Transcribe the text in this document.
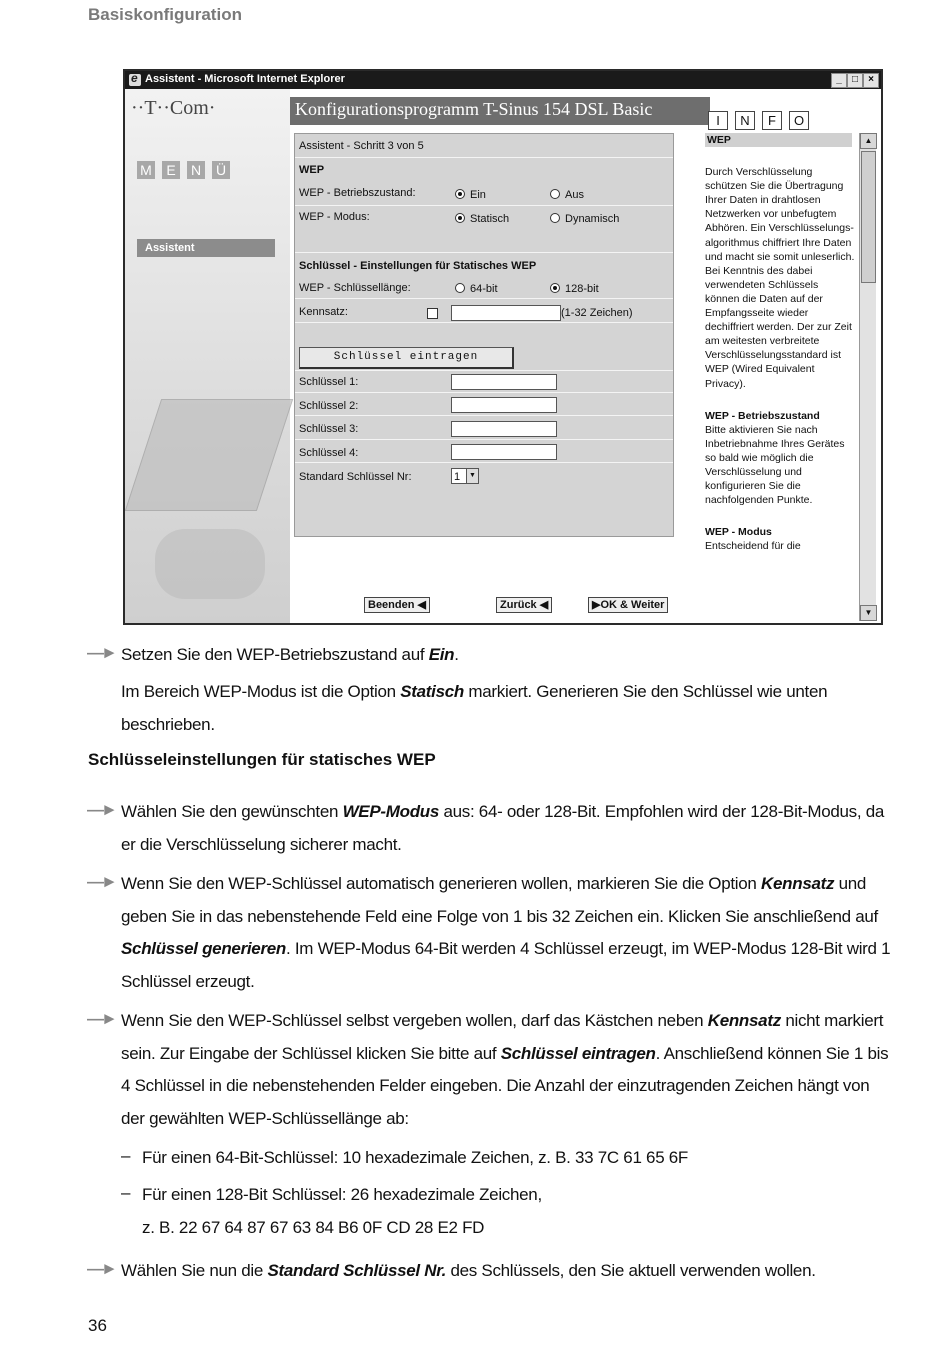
Basiskonfiguration
e
Assistent - Microsoft Internet Explorer	_	□	×
··T··Com·
M E N Ü
Assistent
Konfigurationsprogramm T-Sinus 154 DSL Basic
I N F O
Assistent - Schritt 3 von 5
WEP
WEP - Betriebszustand:	Ein	Aus
WEP - Modus:	Statisch	Dynamisch
Schlüssel - Einstellungen für Statisches WEP
WEP - Schlüssellänge:	64-bit	128-bit
Kennsatz:	(1-32 Zeichen)
Schlüssel eintragen
Schlüssel 1:
Schlüssel 2:
Schlüssel 3:
Schlüssel 4:
Standard Schlüssel Nr:	1	▼
Beenden ◀	Zurück ◀	▶OK & Weiter
WEP
Durch Verschlüsselung schützen Sie die Übertragung Ihrer Daten in drahtlosen Netzwerken vor unbefugtem Abhören. Ein Verschlüsselungs-algorithmus chiffriert Ihre Daten und macht sie somit unleserlich. Bei Kenntnis des dabei verwendeten Schlüssels können die Daten auf der Empfangsseite wieder dechiffriert werden. Der zur Zeit am weitesten verbreitete Verschlüsselungsstandard ist WEP (Wired Equivalent Privacy).
WEP - Betriebszustand
Bitte aktivieren Sie nach Inbetriebnahme Ihres Gerätes so bald wie möglich die Verschlüsselung und konfigurieren Sie die nachfolgenden Punkte.
WEP - Modus
Entscheidend für die
▲
▼
—► Setzen Sie den WEP-Betriebszustand auf Ein.
Im Bereich WEP-Modus ist die Option Statisch markiert. Generieren Sie den Schlüssel wie unten beschrieben.
Schlüsseleinstellungen für statisches WEP
—► Wählen Sie den gewünschten WEP-Modus aus: 64- oder 128-Bit. Empfohlen wird der 128-Bit-Modus, da er die Verschlüsselung sicherer macht.
—► Wenn Sie den WEP-Schlüssel automatisch generieren wollen, markieren Sie die Option Kennsatz und geben Sie in das nebenstehende Feld eine Folge von 1 bis 32 Zeichen ein. Klicken Sie anschließend auf Schlüssel generieren. Im WEP-Modus 64-Bit werden 4 Schlüssel erzeugt, im WEP-Modus 128-Bit wird 1 Schlüssel erzeugt.
—► Wenn Sie den WEP-Schlüssel selbst vergeben wollen, darf das Kästchen neben Kennsatz nicht markiert sein. Zur Eingabe der Schlüssel klicken Sie bitte auf Schlüssel eintragen. Anschließend können Sie 1 bis 4 Schlüssel in die nebenstehenden Felder eingeben. Die Anzahl der einzutragenden Zeichen hängt von der gewählten WEP-Schlüssellänge ab:
– Für einen 64-Bit-Schlüssel: 10 hexadezimale Zeichen, z. B. 33 7C 61 65 6F
– Für einen 128-Bit Schlüssel: 26 hexadezimale Zeichen,
z. B. 22 67 64 87 67 63 84 B6 0F CD 28 E2 FD
—► Wählen Sie nun die Standard Schlüssel Nr. des Schlüssels, den Sie aktuell verwenden wollen.
36
